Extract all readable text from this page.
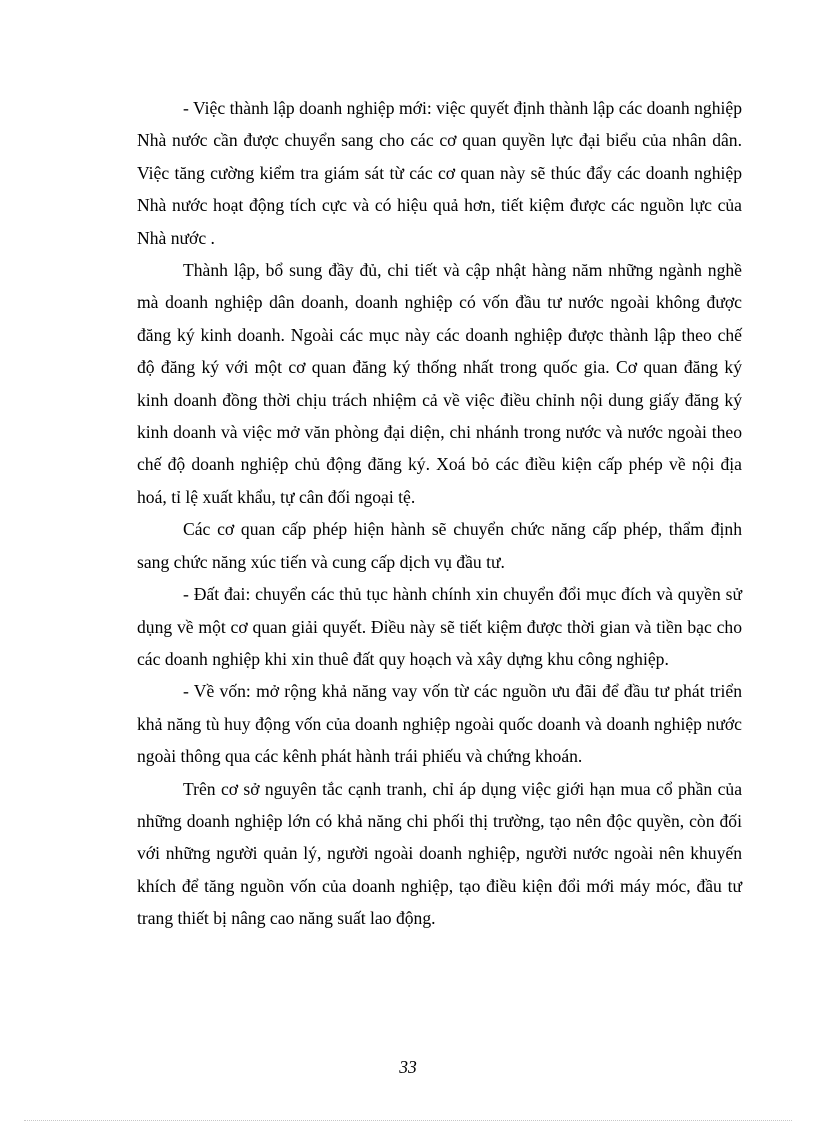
- Việc thành lập doanh nghiệp mới: việc quyết định thành lập các doanh nghiệp Nhà nước cần được chuyển sang cho các cơ quan quyền lực đại biểu của nhân dân. Việc tăng cường kiểm tra giám sát từ các cơ quan này sẽ thúc đẩy các doanh nghiệp Nhà nước hoạt động tích cực và có hiệu quả hơn, tiết kiệm được các nguồn lực của Nhà nước .

Thành lập, bổ sung đầy đủ, chi tiết và cập nhật hàng năm những ngành nghề mà doanh nghiệp dân doanh, doanh nghiệp có vốn đầu tư nước ngoài không được đăng ký kinh doanh. Ngoài các mục này các doanh nghiệp được thành lập theo chế độ đăng ký với một cơ quan đăng ký thống nhất trong quốc gia. Cơ quan đăng ký kinh doanh đồng thời chịu trách nhiệm cả về việc điều chỉnh nội dung giấy đăng ký kinh doanh và việc mở văn phòng đại diện, chi nhánh trong nước và nước ngoài theo chế độ doanh nghiệp chủ động đăng ký. Xoá bỏ các điều kiện cấp phép về nội địa hoá, tỉ lệ xuất khẩu, tự cân đối ngoại tệ.

Các cơ quan cấp phép hiện hành sẽ chuyển chức năng cấp phép, thẩm định sang chức năng xúc tiến và cung cấp dịch vụ đầu tư.

- Đất đai: chuyển các thủ tục hành chính xin chuyển đổi mục đích và quyền sử dụng về một cơ quan giải quyết. Điều này sẽ tiết kiệm được thời gian và tiền bạc cho các doanh nghiệp khi xin thuê đất quy hoạch và xây dựng khu công nghiệp.

- Về vốn: mở rộng khả năng vay vốn từ các nguồn ưu đãi để đầu tư phát triển khả năng tù huy động vốn của doanh nghiệp ngoài quốc doanh và doanh nghiệp nước ngoài thông qua các kênh phát hành trái phiếu và chứng khoán.

Trên cơ sở nguyên tắc cạnh tranh, chỉ áp dụng việc giới hạn mua cổ phần của những doanh nghiệp lớn có khả năng chi phối thị trường, tạo nên độc quyền, còn đối với những người quản lý, người ngoài doanh nghiệp, người nước ngoài nên khuyến khích để tăng nguồn vốn của doanh nghiệp, tạo điều kiện đổi mới máy móc, đầu tư trang thiết bị nâng cao năng suất lao động.

33
